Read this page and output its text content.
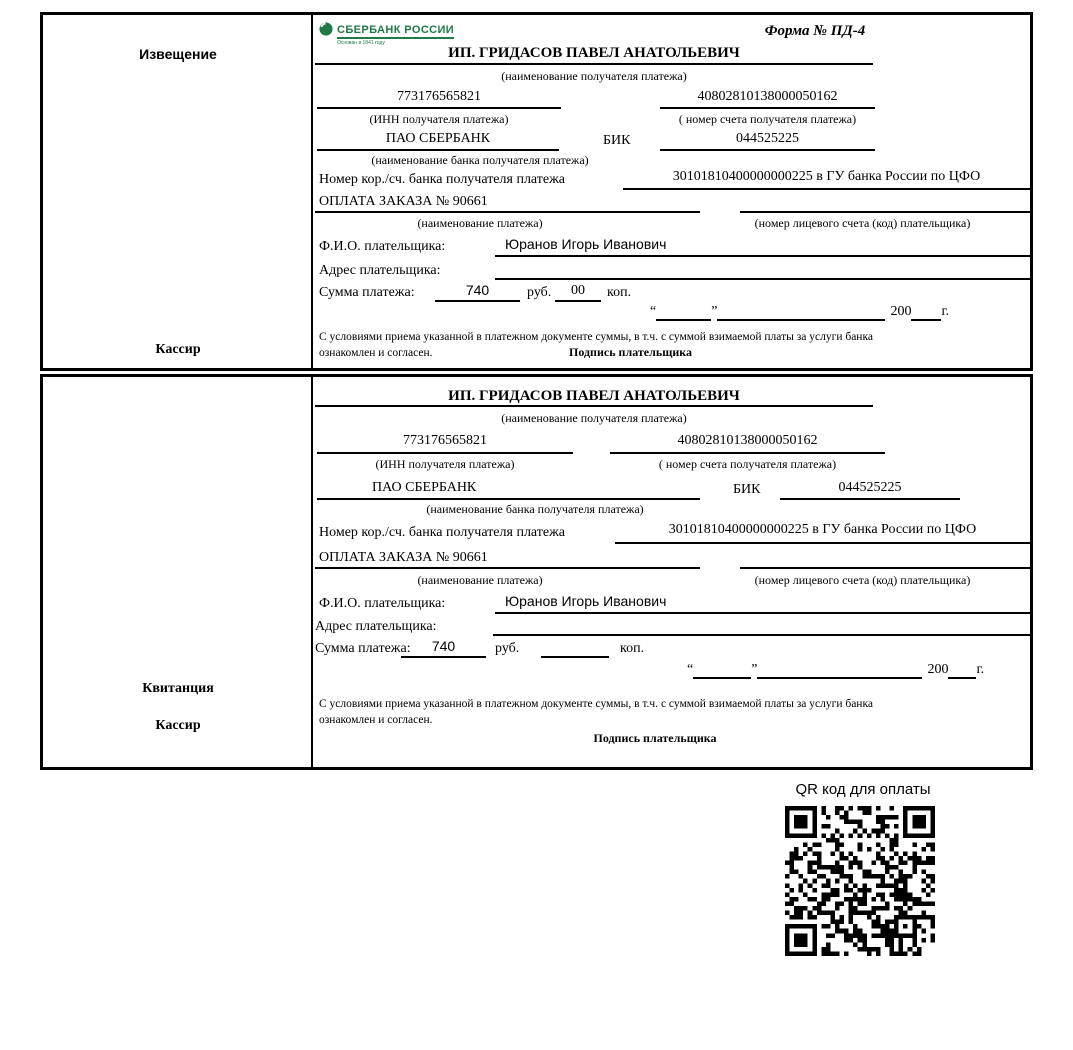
Извещение
Кассир
СБЕРБАНК РОССИИ
Основан в 1841 году
Форма № ПД-4
ИП. ГРИДАСОВ ПАВЕЛ АНАТОЛЬЕВИЧ
(наименование получателя платежа)
773176565821	40802810138000050162
(ИНН получателя платежа)	( номер счета получателя платежа)
ПАО СБЕРБАНК	БИК	044525225
(наименование банка получателя платежа)
Номер кор./сч. банка получателя платежа	30101810400000000225 в ГУ банка России по ЦФО
ОПЛАТА ЗАКАЗА № 90661
(наименование платежа)	(номер лицевого счета (код) плательщика)
Ф.И.О. плательщика:	Юранов Игорь Иванович
Адрес плательщика:
Сумма платежа:	740	руб.	00	коп.
“	”	200 г.
С условиями приема указанной в платежном документе суммы, в т.ч. с суммой взимаемой платы за услуги банка
ознакомлен и согласен.	Подпись плательщика
Квитанция
Кассир
ИП. ГРИДАСОВ ПАВЕЛ АНАТОЛЬЕВИЧ
(наименование получателя платежа)
773176565821	40802810138000050162
(ИНН получателя платежа)	( номер счета получателя платежа)
ПАО СБЕРБАНК	БИК	044525225
(наименование банка получателя платежа)
Номер кор./сч. банка получателя платежа	30101810400000000225 в ГУ банка России по ЦФО
ОПЛАТА ЗАКАЗА № 90661
(наименование платежа)	(номер лицевого счета (код) плательщика)
Ф.И.О. плательщика:	Юранов Игорь Иванович
Адрес плательщика:
Сумма платежа:	740	руб.	коп.
“	”	200 г.
С условиями приема указанной в платежном документе суммы, в т.ч. с суммой взимаемой платы за услуги банка
ознакомлен и согласен.
Подпись плательщика
QR код для оплаты
